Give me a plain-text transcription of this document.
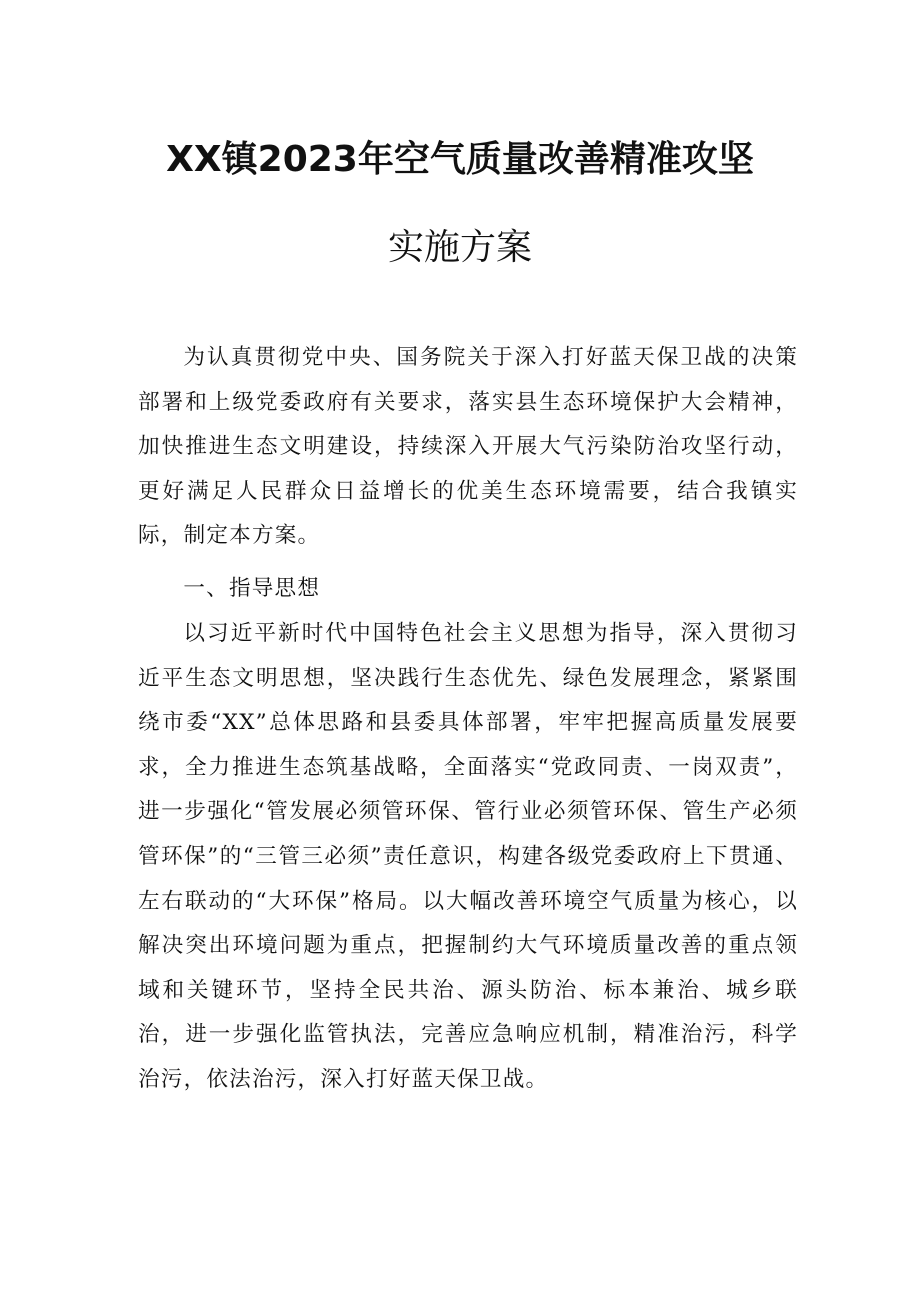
XX镇2023年空气质量改善精准攻坚
实施方案
为认真贯彻党中央、国务院关于深入打好蓝天保卫战的决策部署和上级党委政府有关要求，落实县生态环境保护大会精神，加快推进生态文明建设，持续深入开展大气污染防治攻坚行动，更好满足人民群众日益增长的优美生态环境需要，结合我镇实际，制定本方案。
一、指导思想
以习近平新时代中国特色社会主义思想为指导，深入贯彻习近平生态文明思想，坚决践行生态优先、绿色发展理念，紧紧围绕市委“XX”总体思路和县委具体部署，牢牢把握高质量发展要求，全力推进生态筑基战略，全面落实“党政同责、一岗双责”，进一步强化“管发展必须管环保、管行业必须管环保、管生产必须管环保”的“三管三必须”责任意识，构建各级党委政府上下贯通、左右联动的“大环保”格局。以大幅改善环境空气质量为核心，以解决突出环境问题为重点，把握制约大气环境质量改善的重点领域和关键环节，坚持全民共治、源头防治、标本兼治、城乡联治，进一步强化监管执法，完善应急响应机制，精准治污，科学治污，依法治污，深入打好蓝天保卫战。
